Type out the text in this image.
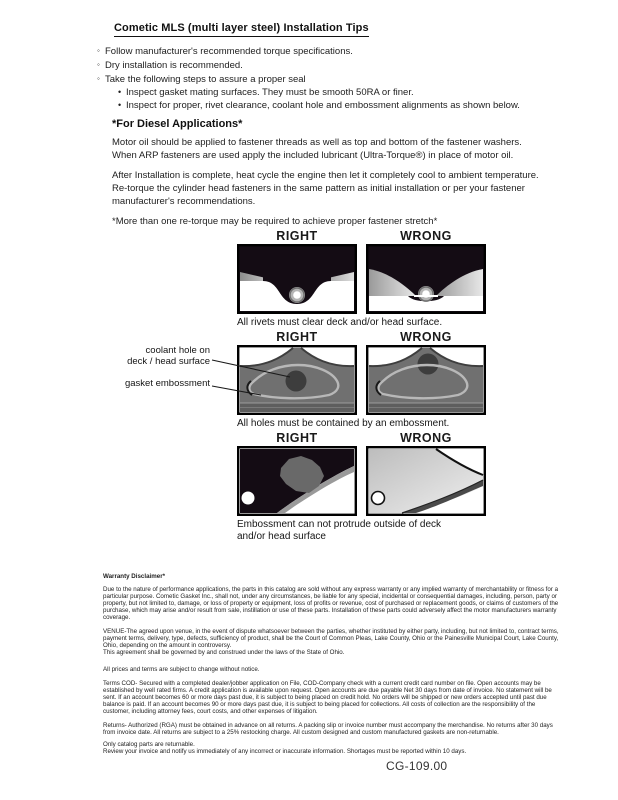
Cometic MLS (multi layer steel) Installation Tips
◦ Follow manufacturer's recommended torque specifications.
◦ Dry installation is recommended.
◦ Take the following steps to assure a proper seal
• Inspect gasket mating surfaces. They must be smooth 50RA or finer.
• Inspect for proper, rivet clearance, coolant hole and embossment alignments as shown below.
*For Diesel Applications*

Motor oil should be applied to fastener threads as well as top and bottom of the fastener washers. When ARP fasteners are used apply the included lubricant (Ultra-Torque®) in place of motor oil.

After Installation is complete, heat cycle the engine then let it completely cool to ambient temperature. Re-torque the cylinder head fasteners in the same pattern as initial installation or per your fastener manufacturer's recommendations.

*More than one re-torque may be required to achieve proper fastener stretch*

RIGHT	WRONG
All rivets must clear deck and/or head surface.
RIGHT	WRONG
All holes must be contained by an embossment.
coolant hole on
deck / head surface
gasket embossment
RIGHT	WRONG
Embossment can not protrude outside of deck and/or head surface

Warranty Disclaimer*

Due to the nature of performance applications, the parts in this catalog are sold without any express warranty or any implied warranty of merchantability or fitness for a particular purpose. Cometic Gasket Inc., shall not, under any circumstances, be liable for any special, incidental or consequential damages, including, person, party or property, but not limited to, damage, or loss of property or equipment, loss of profits or revenue, cost of purchased or replacement goods, or claims of customers of the purchase, which may arise and/or result from sale, instillation or use of these parts. Installation of these parts could adversely affect the motor manufacturers warranty coverage.

VENUE-The agreed upon venue, in the event of dispute whatsoever between the parties, whether instituted by either party, including, but not limited to, contract terms, payment terms, delivery, type, defects, sufficiency of product, shall be the Court of Common Pleas, Lake County, Ohio or the Painesville Municipal Court, Lake County, Ohio, depending on the amount in controversy.

This agreement shall be governed by and construed under the laws of the State of Ohio.

All prices and terms are subject to change without notice.

Terms COD- Secured with a completed dealer/jobber application on File, COD-Company check with a current credit card number on file. Open accounts may be established by well rated firms. A credit application is available upon request. Open accounts are due payable Net 30 days from date of invoice. No statement will be sent. If an account becomes 60 or more days past due, it is subject to being placed on credit hold. No orders will be shipped or new orders accepted until past due balance is paid. If an account becomes 90 or more days past due, it is subject to being placed for collections. All costs of collection are the responsibility of the customer, including attorney fees, court costs, and other expenses of litigation.

Returns- Authorized (RGA) must be obtained in advance on all returns. A packing slip or invoice number must accompany the merchandise. No returns after 30 days from invoice date. All returns are subject to a 25% restocking charge. All custom designed and custom manufactured gaskets are non-returnable.

Only catalog parts are returnable.

Review your invoice and notify us immediately of any incorrect or inaccurate information. Shortages must be reported within 10 days.

CG-109.00
